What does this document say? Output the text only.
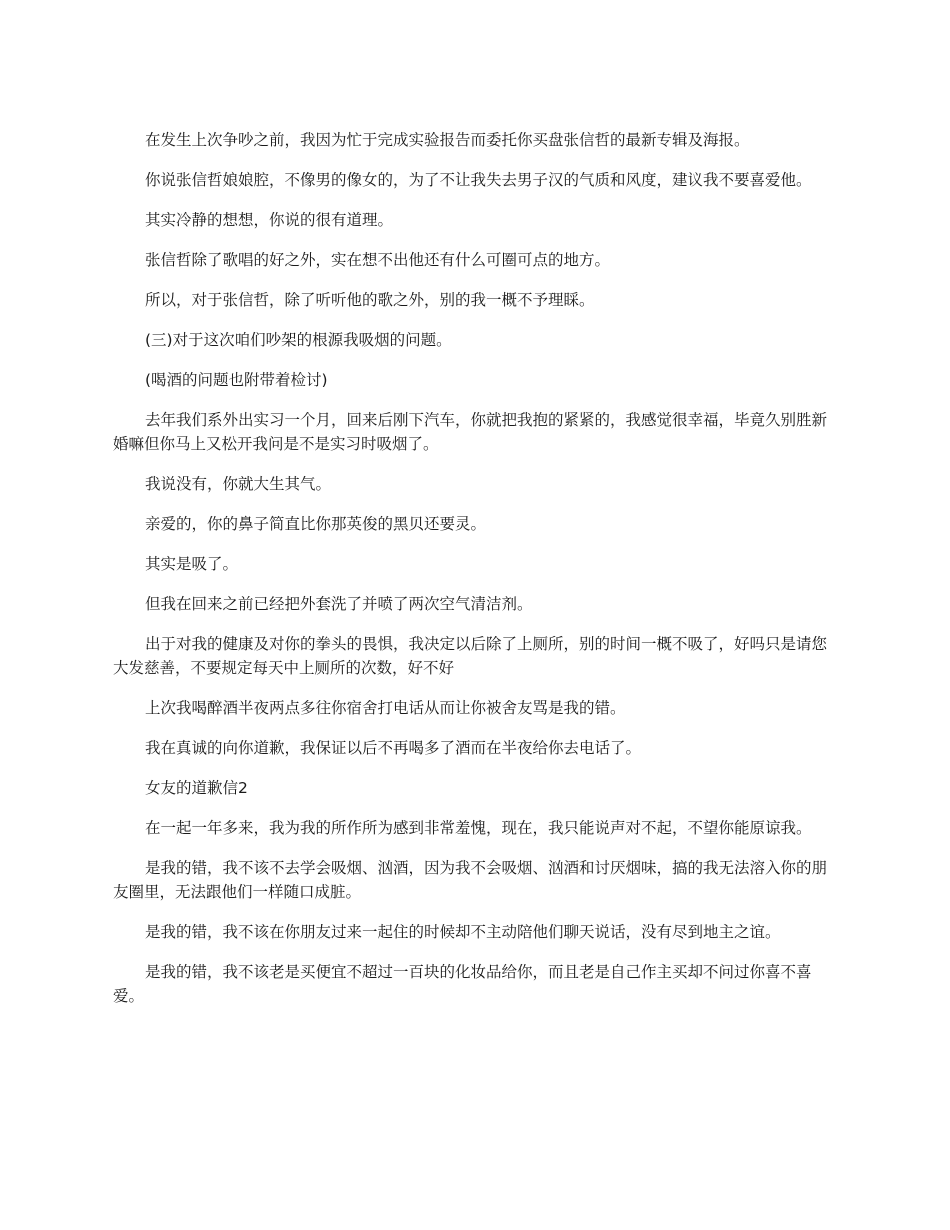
在发生上次争吵之前，我因为忙于完成实验报告而委托你买盘张信哲的最新专辑及海报。

你说张信哲娘娘腔，不像男的像女的，为了不让我失去男子汉的气质和风度，建议我不要喜爱他。

其实冷静的想想，你说的很有道理。

张信哲除了歌唱的好之外，实在想不出他还有什么可圈可点的地方。

所以，对于张信哲，除了听听他的歌之外，别的我一概不予理睬。

(三)对于这次咱们吵架的根源我吸烟的问题。

(喝酒的问题也附带着检讨)

去年我们系外出实习一个月，回来后刚下汽车，你就把我抱的紧紧的，我感觉很幸福，毕竟久别胜新婚嘛但你马上又松开我问是不是实习时吸烟了。

我说没有，你就大生其气。

亲爱的，你的鼻子简直比你那英俊的黑贝还要灵。

其实是吸了。

但我在回来之前已经把外套洗了并喷了两次空气清洁剂。

出于对我的健康及对你的拳头的畏惧，我决定以后除了上厕所，别的时间一概不吸了，好吗只是请您大发慈善，不要规定每天中上厕所的次数，好不好

上次我喝醉酒半夜两点多往你宿舍打电话从而让你被舍友骂是我的错。

我在真诚的向你道歉，我保证以后不再喝多了酒而在半夜给你去电话了。

女友的道歉信2

在一起一年多来，我为我的所作所为感到非常羞愧，现在，我只能说声对不起，不望你能原谅我。

是我的错，我不该不去学会吸烟、汹酒，因为我不会吸烟、汹酒和讨厌烟味，搞的我无法溶入你的朋友圈里，无法跟他们一样随口成脏。

是我的错，我不该在你朋友过来一起住的时候却不主动陪他们聊天说话，没有尽到地主之谊。

是我的错，我不该老是买便宜不超过一百块的化妆品给你，而且老是自己作主买却不问过你喜不喜爱。
